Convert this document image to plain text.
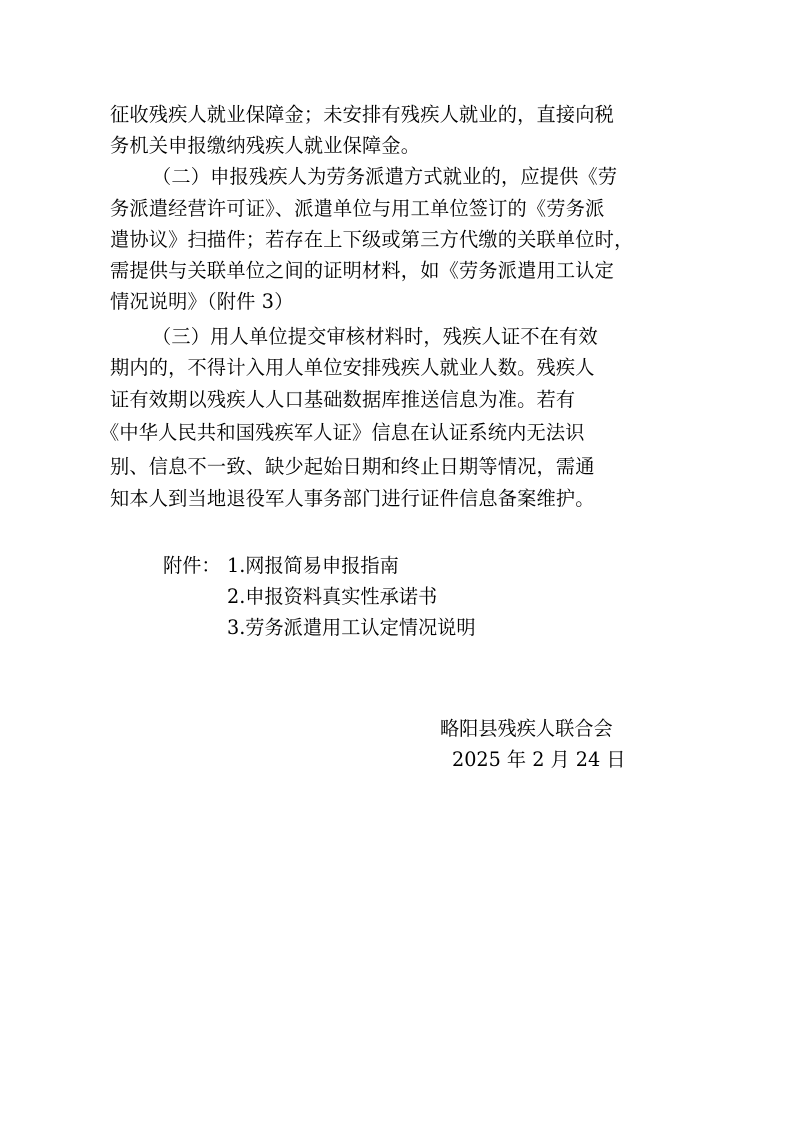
征收残疾人就业保障金；未安排有残疾人就业的，直接向税
务机关申报缴纳残疾人就业保障金。
（二）申报残疾人为劳务派遣方式就业的，应提供《劳
务派遣经营许可证》、派遣单位与用工单位签订的《劳务派
遣协议》扫描件；若存在上下级或第三方代缴的关联单位时，
需提供与关联单位之间的证明材料，如《劳务派遣用工认定
情况说明》（附件 3）
（三）用人单位提交审核材料时，残疾人证不在有效
期内的，不得计入用人单位安排残疾人就业人数。残疾人
证有效期以残疾人人口基础数据库推送信息为准。若有
《中华人民共和国残疾军人证》信息在认证系统内无法识
别、信息不一致、缺少起始日期和终止日期等情况，需通
知本人到当地退役军人事务部门进行证件信息备案维护。
附件： 1.网报简易申报指南
2.申报资料真实性承诺书
3.劳务派遣用工认定情况说明
略阳县残疾人联合会
2025 年 2 月 24 日
